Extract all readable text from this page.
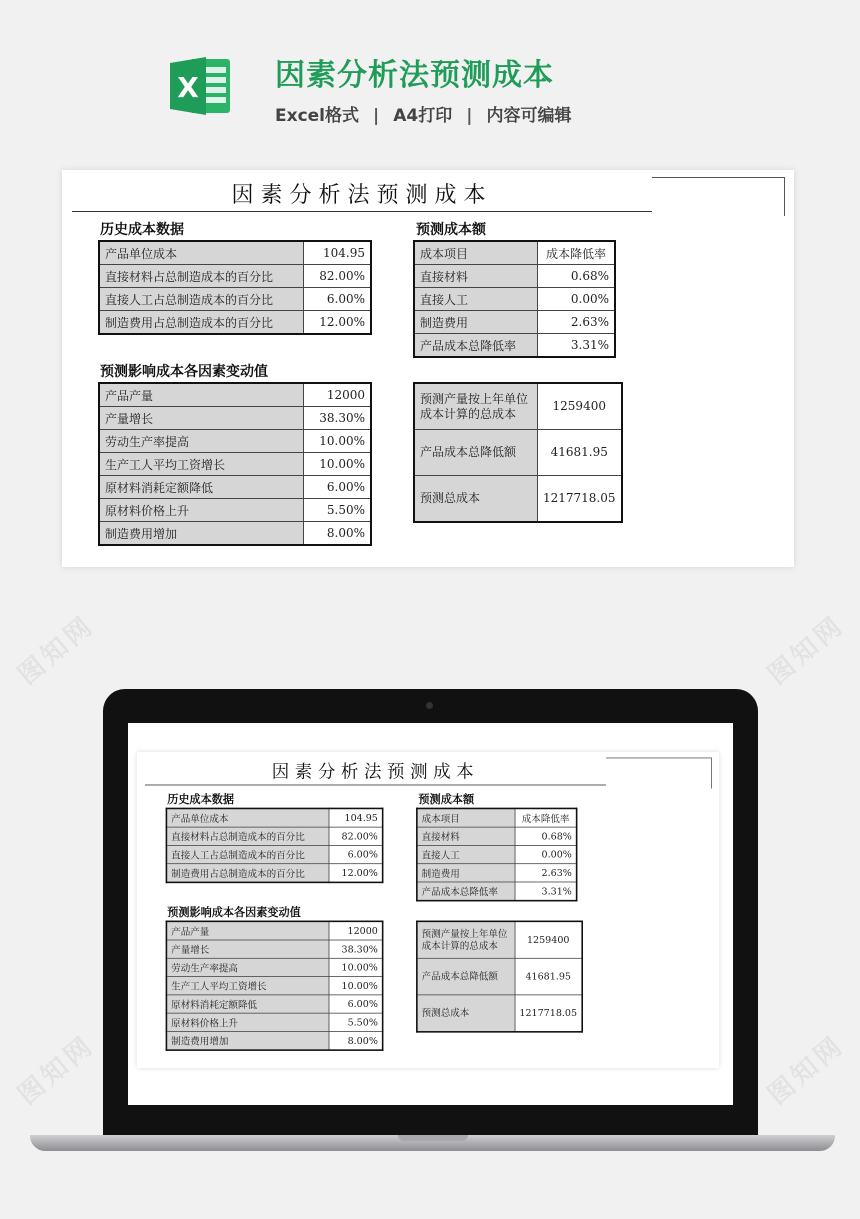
X	因素分析法预测成本
Excel格式 | A4打印 | 内容可编辑
图知网	图知网
图知网	图知网
因素分析法预测成本
历史成本数据
产品单位成本	104.95
直接材料占总制造成本的百分比	82.00%
直接人工占总制造成本的百分比	6.00%
制造费用占总制造成本的百分比	12.00%
预测成本额
成本项目	成本降低率
直接材料	0.68%
直接人工	0.00%
制造费用	2.63%
产品成本总降低率	3.31%
预测影响成本各因素变动值
产品产量	12000
产量增长	38.30%
劳动生产率提高	10.00%
生产工人平均工资增长	10.00%
原材料消耗定额降低	6.00%
原材料价格上升	5.50%
制造费用增加	8.00%
预测产量按上年单位成本计算的总成本	1259400
产品成本总降低额	41681.95
预测总成本	1217718.05
因素分析法预测成本
历史成本数据
产品单位成本	104.95
直接材料占总制造成本的百分比	82.00%
直接人工占总制造成本的百分比	6.00%
制造费用占总制造成本的百分比	12.00%
预测成本额
成本项目	成本降低率
直接材料	0.68%
直接人工	0.00%
制造费用	2.63%
产品成本总降低率	3.31%
预测影响成本各因素变动值
产品产量	12000
产量增长	38.30%
劳动生产率提高	10.00%
生产工人平均工资增长	10.00%
原材料消耗定额降低	6.00%
原材料价格上升	5.50%
制造费用增加	8.00%
预测产量按上年单位成本计算的总成本	1259400
产品成本总降低额	41681.95
预测总成本	1217718.05
